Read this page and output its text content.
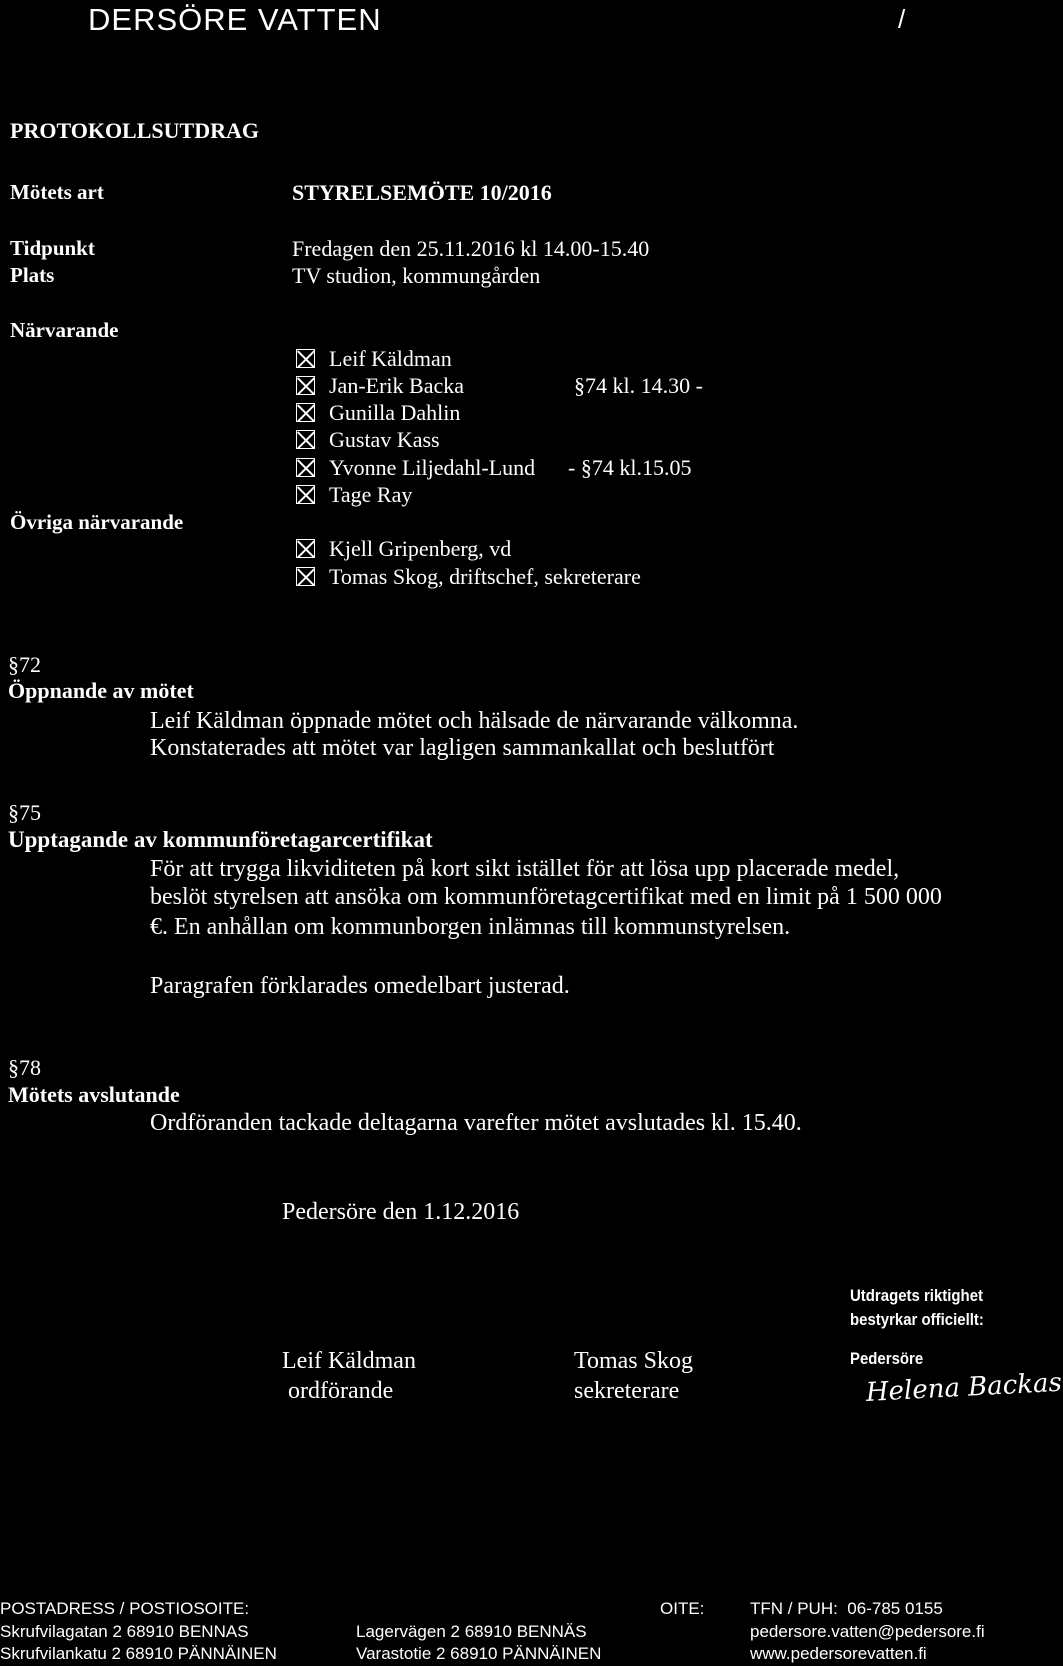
DERSÖRE VATTEN	/
PROTOKOLLSUTDRAG
Mötets art	STYRELSEMÖTE 10/2016
Tidpunkt	Fredagen den 25.11.2016 kl 14.00-15.40
Plats	TV studion, kommungården
Närvarande
Leif Käldman
Jan-Erik Backa	§74 kl. 14.30 -
Gunilla Dahlin
Gustav Kass
Yvonne Liljedahl-Lund - §74 kl.15.05
Tage Ray
Övriga närvarande
Kjell Gripenberg, vd
Tomas Skog, driftschef, sekreterare
§72
Öppnande av mötet
Leif Käldman öppnade mötet och hälsade de närvarande välkomna.
Konstaterades att mötet var lagligen sammankallat och beslutfört
§75
Upptagande av kommunföretagarcertifikat
För att trygga likviditeten på kort sikt istället för att lösa upp placerade medel,
beslöt styrelsen att ansöka om kommunföretagcertifikat med en limit på 1 500 000
€. En anhållan om kommunborgen inlämnas till kommunstyrelsen.
Paragrafen förklarades omedelbart justerad.
§78
Mötets avslutande
Ordföranden tackade deltagarna varefter mötet avslutades kl. 15.40.
Pedersöre den 1.12.2016
Leif Käldman
ordförande
Tomas Skog
sekreterare
Utdragets riktighet
bestyrkar officiellt:
Pedersöre
Helena Backas
POSTADRESS / POSTIOSOITE:
Skrufvilagatan 2 68910 BENNAS
Skrufvilankatu 2 68910 PÄNNÄINEN
OITE:
Lagervägen 2 68910 BENNÄS
Varastotie 2 68910 PÄNNÄINEN
TFN / PUH: 06-785 0155
pedersore.vatten@pedersore.fi
www.pedersorevatten.fi
